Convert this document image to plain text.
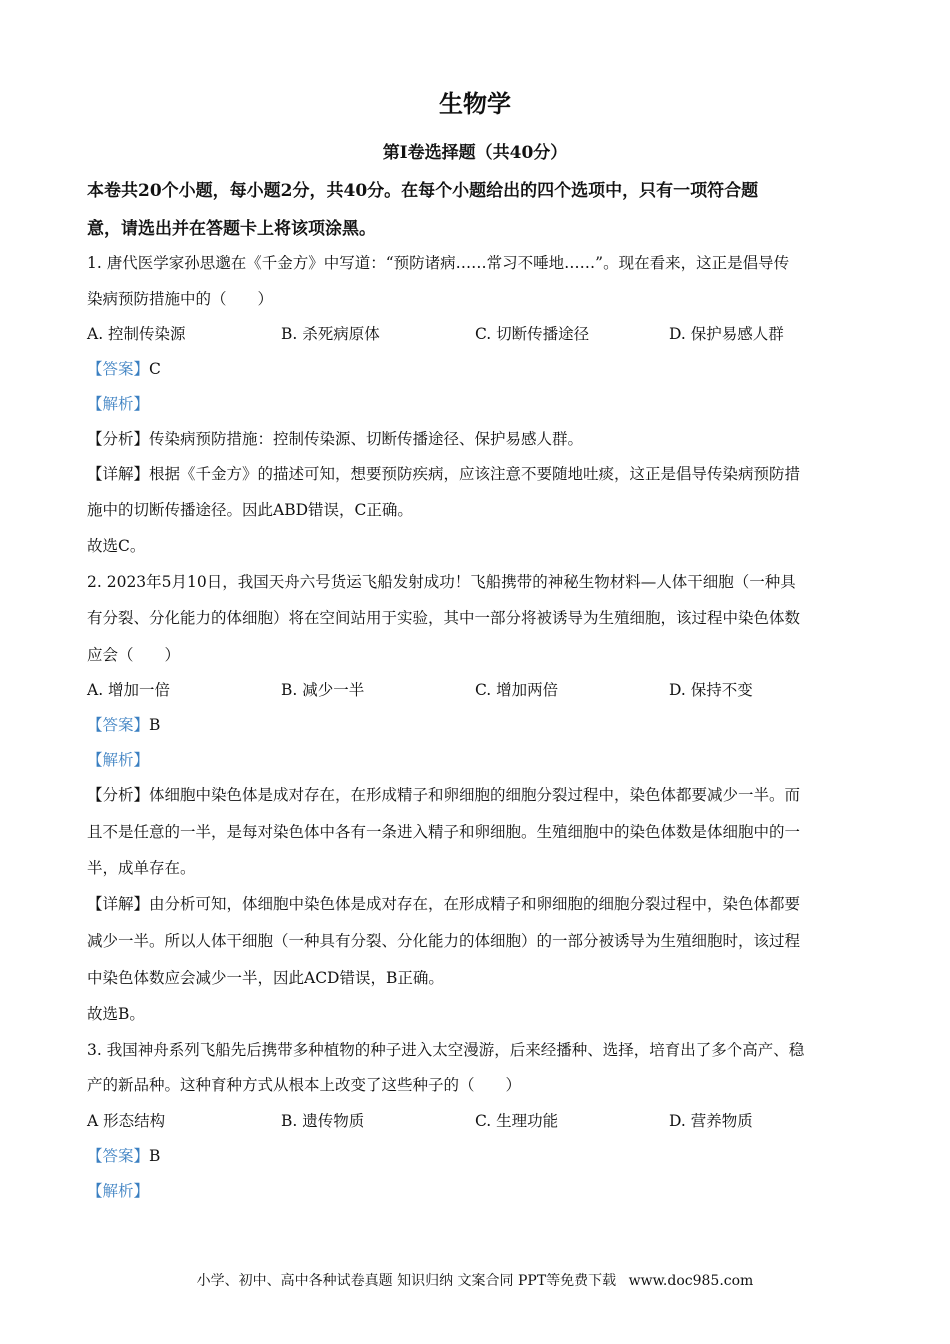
生物学
第I卷选择题（共40分）
本卷共20个小题，每小题2分，共40分。在每个小题给出的四个选项中，只有一项符合题
意，请选出并在答题卡上将该项涂黑。
1. 唐代医学家孙思邈在《千金方》中写道：“预防诸病……常习不唾地……”。现在看来，这正是倡导传
染病预防措施中的（　　）
A. 控制传染源	B. 杀死病原体	C. 切断传播途径	D. 保护易感人群
【答案】C
【解析】
【分析】传染病预防措施：控制传染源、切断传播途径、保护易感人群。
【详解】根据《千金方》的描述可知，想要预防疾病，应该注意不要随地吐痰，这正是倡导传染病预防措
施中的切断传播途径。因此ABD错误，C正确。
故选C。
2. 2023年5月10日，我国天舟六号货运飞船发射成功！飞船携带的神秘生物材料—人体干细胞（一种具
有分裂、分化能力的体细胞）将在空间站用于实验，其中一部分将被诱导为生殖细胞，该过程中染色体数
应会（　　）
A. 增加一倍	B. 减少一半	C. 增加两倍	D. 保持不变
【答案】B
【解析】
【分析】体细胞中染色体是成对存在，在形成精子和卵细胞的细胞分裂过程中，染色体都要减少一半。而
且不是任意的一半，是每对染色体中各有一条进入精子和卵细胞。生殖细胞中的染色体数是体细胞中的一
半，成单存在。
【详解】由分析可知，体细胞中染色体是成对存在，在形成精子和卵细胞的细胞分裂过程中，染色体都要
减少一半。所以人体干细胞（一种具有分裂、分化能力的体细胞）的一部分被诱导为生殖细胞时，该过程
中染色体数应会减少一半，因此ACD错误，B正确。
故选B。
3. 我国神舟系列飞船先后携带多种植物的种子进入太空漫游，后来经播种、选择，培育出了多个高产、稳
产的新品种。这种育种方式从根本上改变了这些种子的（　　）
A 形态结构	B. 遗传物质	C. 生理功能	D. 营养物质
【答案】B
【解析】
小学、初中、高中各种试卷真题 知识归纳 文案合同 PPT等免费下载 www.doc985.com
